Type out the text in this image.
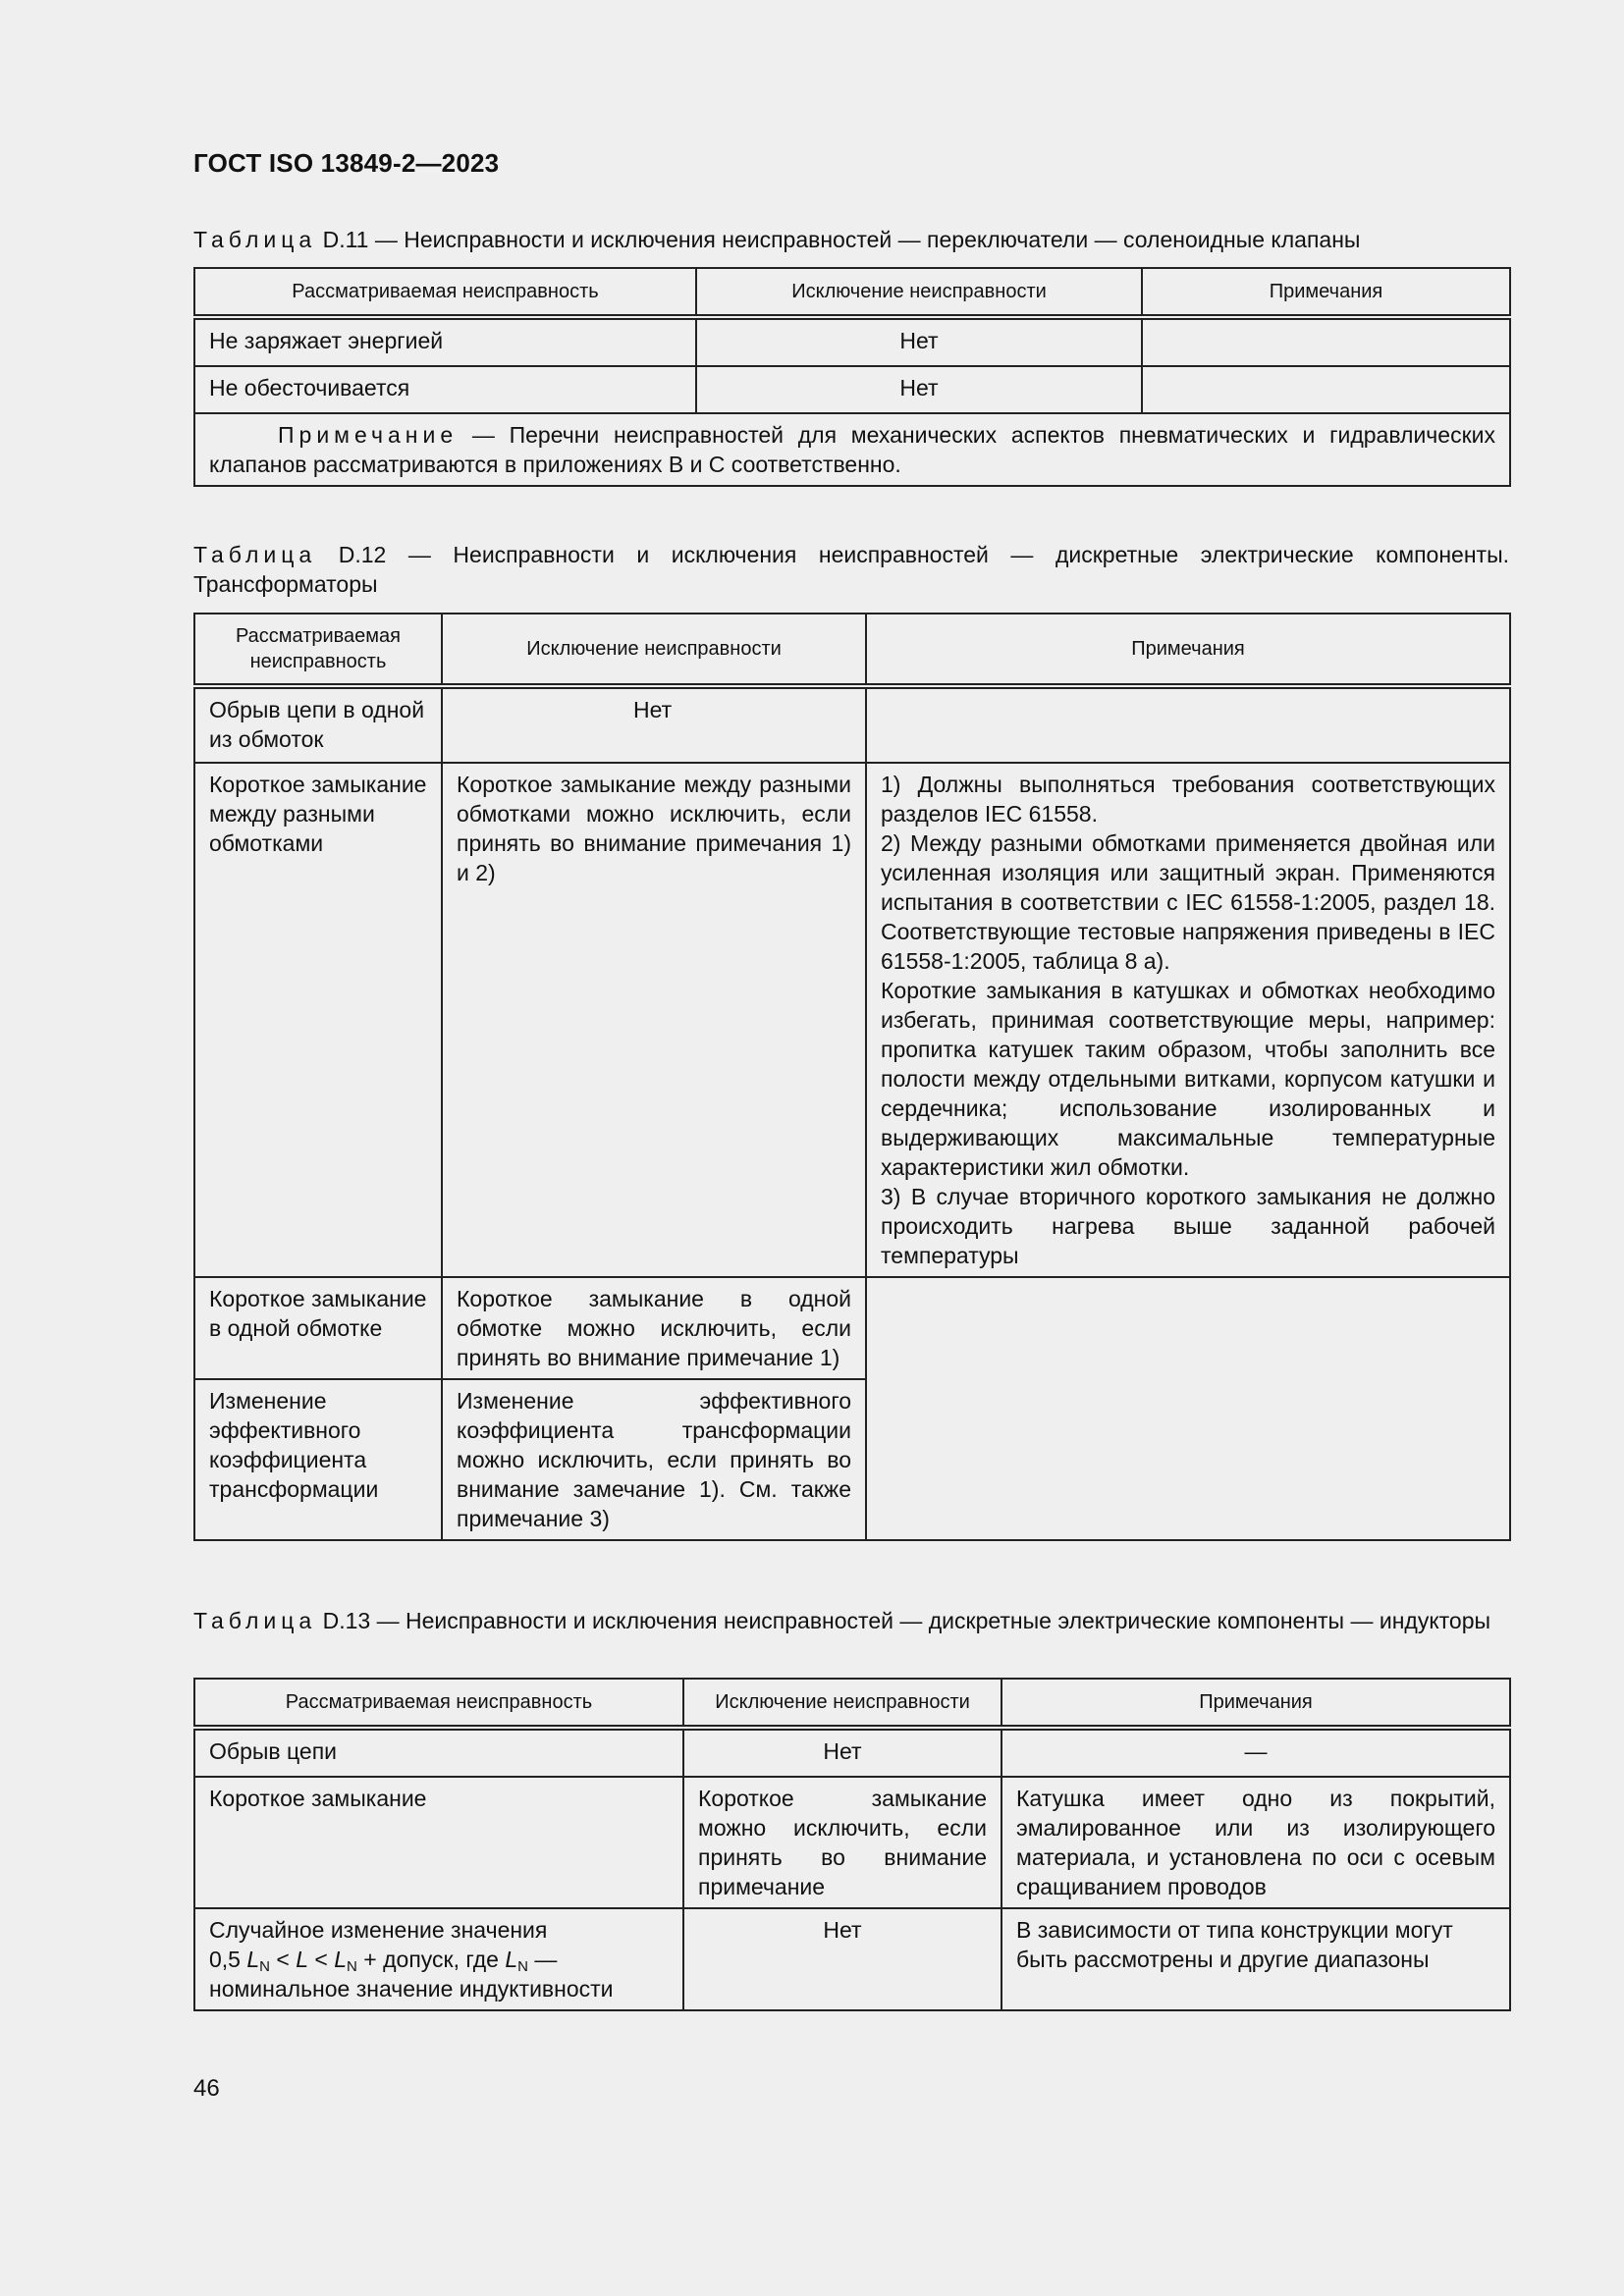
ГОСТ ISO 13849-2—2023
Таблица D.11 — Неисправности и исключения неисправностей — переключатели — соленоидные клапаны
Рассматриваемая неисправность	Исключение неисправности	Примечания
Не заряжает энергией	Нет	
Не обесточивается	Нет	
Примечание — Перечни неисправностей для механических аспектов пневматических и гидравлических клапанов рассматриваются в приложениях B и C соответственно.		
Таблица D.12 — Неисправности и исключения неисправностей — дискретные электрические компоненты. Трансформаторы
Рассматриваемая неисправность	Исключение неисправности	Примечания
Обрыв цепи в одной из обмоток	Нет	
Короткое замыкание между разными обмотками	Короткое замыкание между разными обмотками можно исключить, если принять во внимание примечания 1) и 2)	1) Должны выполняться требования соответствующих разделов IEC 61558.
2) Между разными обмотками применяется двойная или усиленная изоляция или защитный экран. Применяются испытания в соответствии с IEC 61558-1:2005, раздел 18. Соответствующие тестовые напряжения приведены в IEC 61558-1:2005, таблица 8 а).
Короткие замыкания в катушках и обмотках необходимо избегать, принимая соответствующие меры, например: пропитка катушек таким образом, чтобы заполнить все полости между отдельными витками, корпусом катушки и сердечника; использование изолированных и выдерживающих максимальные температурные характеристики жил обмотки.
3) В случае вторичного короткого замыкания не должно происходить нагрева выше заданной рабочей температуры
Короткое замыкание в одной обмотке	Короткое замыкание в одной обмотке можно исключить, если принять во внимание примечание 1)	
Изменение эффективного коэффициента трансформации	Изменение эффективного коэффициента трансформации можно исключить, если принять во внимание замечание 1). См. также примечание 3)	
Таблица D.13 — Неисправности и исключения неисправностей — дискретные электрические компоненты — индукторы
Рассматриваемая неисправность	Исключение неисправности	Примечания
Обрыв цепи	Нет	—
Короткое замыкание	Короткое замыкание можно исключить, если принять во внимание примечание	Катушка имеет одно из покрытий, эмалированное или из изолирующего материала, и установлена по оси с осевым сращиванием проводов

Случайное изменение значения
0,5 $L_N < L < L_N$ + допуск, где $L_N$ —
номинальное значение индуктивности	Нет	В зависимости от типа конструкции могут быть рассмотрены и другие диапазоны
46
